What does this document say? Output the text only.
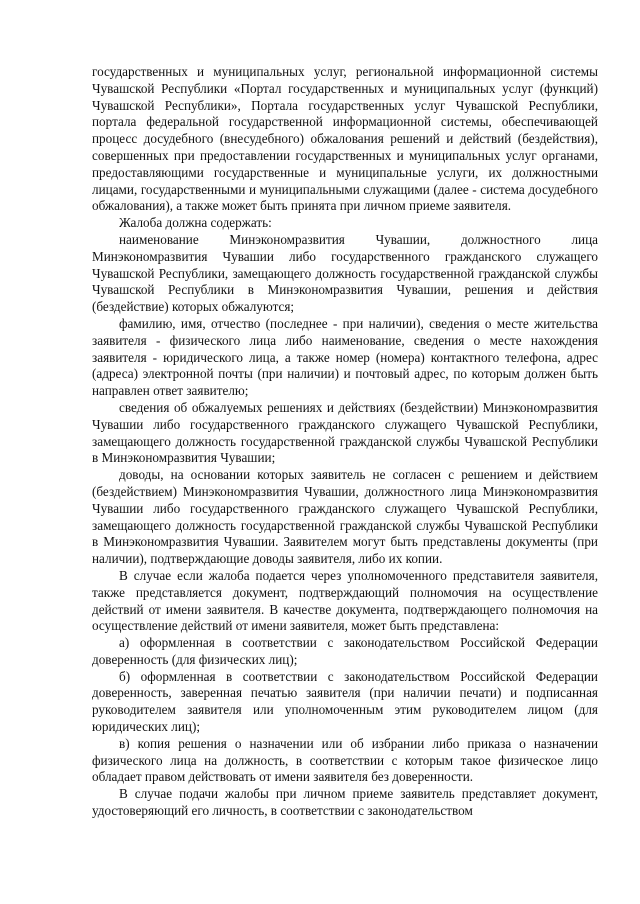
государственных и муниципальных услуг, региональной информационной системы Чувашской Республики «Портал государственных и муниципальных услуг (функций) Чувашской Республики», Портала государственных услуг Чувашской Республики, портала федеральной государственной информационной системы, обеспечивающей процесс досудебного (внесудебного) обжалования решений и действий (бездействия), совершенных при предоставлении государственных и муниципальных услуг органами, предоставляющими государственные и муниципальные услуги, их должностными лицами, государственными и муниципальными служащими (далее - система досудебного обжалования), а также может быть принята при личном приеме заявителя.

Жалоба должна содержать:

наименование Минэкономразвития Чувашии, должностного лица Минэкономразвития Чувашии либо государственного гражданского служащего Чувашской Республики, замещающего должность государственной гражданской службы Чувашской Республики в Минэкономразвития Чувашии, решения и действия (бездействие) которых обжалуются;

фамилию, имя, отчество (последнее - при наличии), сведения о месте жительства заявителя - физического лица либо наименование, сведения о месте нахождения заявителя - юридического лица, а также номер (номера) контактного телефона, адрес (адреса) электронной почты (при наличии) и почтовый адрес, по которым должен быть направлен ответ заявителю;

сведения об обжалуемых решениях и действиях (бездействии) Минэкономразвития Чувашии либо государственного гражданского служащего Чувашской Республики, замещающего должность государственной гражданской службы Чувашской Республики в Минэкономразвития Чувашии;

доводы, на основании которых заявитель не согласен с решением и действием (бездействием) Минэкономразвития Чувашии, должностного лица Минэкономразвития Чувашии либо государственного гражданского служащего Чувашской Республики, замещающего должность государственной гражданской службы Чувашской Республики в Минэкономразвития Чувашии. Заявителем могут быть представлены документы (при наличии), подтверждающие доводы заявителя, либо их копии.

В случае если жалоба подается через уполномоченного представителя заявителя, также представляется документ, подтверждающий полномочия на осуществление действий от имени заявителя. В качестве документа, подтверждающего полномочия на осуществление действий от имени заявителя, может быть представлена:

а) оформленная в соответствии с законодательством Российской Федерации доверенность (для физических лиц);

б) оформленная в соответствии с законодательством Российской Федерации доверенность, заверенная печатью заявителя (при наличии печати) и подписанная руководителем заявителя или уполномоченным этим руководителем лицом (для юридических лиц);

в) копия решения о назначении или об избрании либо приказа о назначении физического лица на должность, в соответствии с которым такое физическое лицо обладает правом действовать от имени заявителя без доверенности.

В случае подачи жалобы при личном приеме заявитель представляет документ, удостоверяющий его личность, в соответствии с законодательством
